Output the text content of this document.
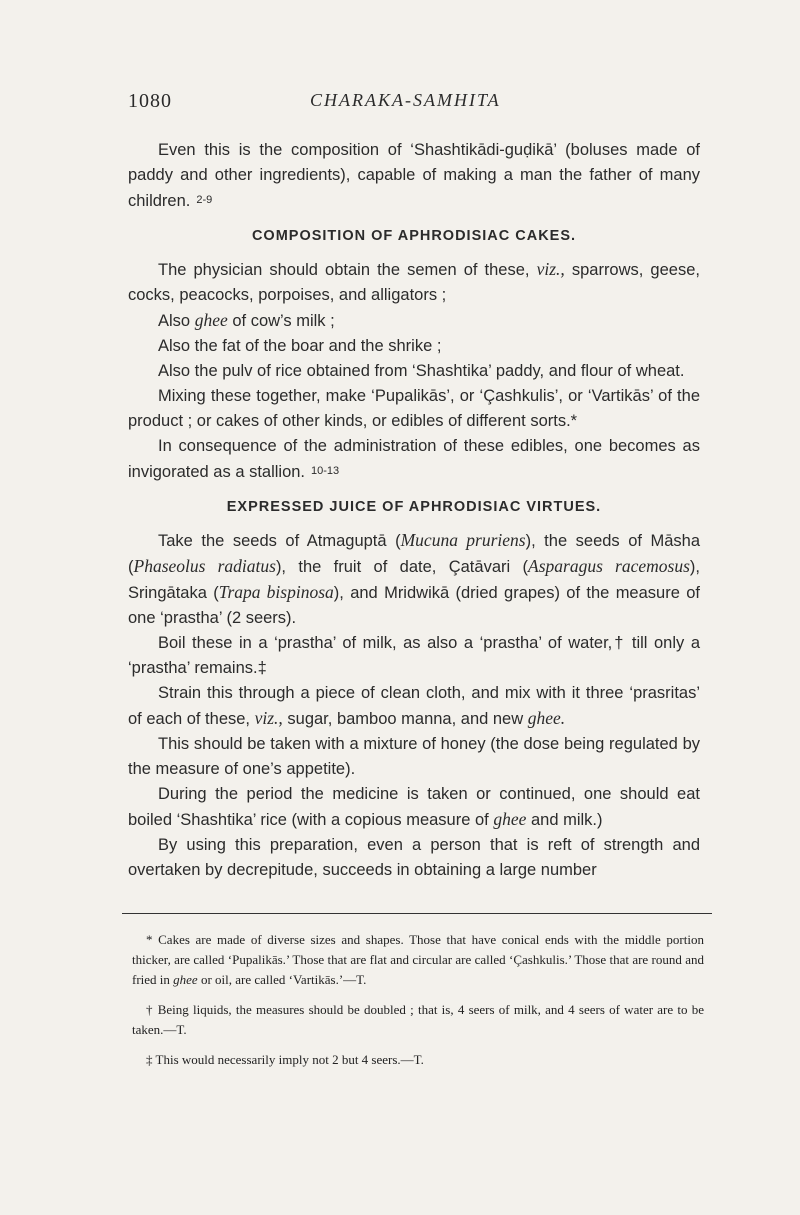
1080	CHARAKA-SAMHITA

Even this is the composition of ‘Shashtikādi-guḍikā’ (boluses made of paddy and other ingredients), capable of making a man the father of many children. $^{2-9}$

COMPOSITION OF APHRODISIAC CAKES.

The physician should obtain the semen of these, viz., sparrows, geese, cocks, peacocks, porpoises, and alligators ;

Also ghee of cow’s milk ;

Also the fat of the boar and the shrike ;

Also the pulv of rice obtained from ‘Shashtika’ paddy, and flour of wheat.

Mixing these together, make ‘Pupalikās’, or ‘Çashkulis’, or ‘Vartikās’ of the product ; or cakes of other kinds, or edibles of different sorts.*

In consequence of the administration of these edibles, one becomes as invigorated as a stallion. $^{10-13}$

EXPRESSED JUICE OF APHRODISIAC VIRTUES.

Take the seeds of Atmaguptā (Mucuna pruriens), the seeds of Māsha (Phaseolus radiatus), the fruit of date, Çatāvari (Asparagus racemosus), Sringātaka (Trapa bispinosa), and Mridwikā (dried grapes) of the measure of one ‘prastha’ (2 seers).

Boil these in a ‘prastha’ of milk, as also a ‘prastha’ of water,† till only a ‘prastha’ remains.‡

Strain this through a piece of clean cloth, and mix with it three ‘prasritas’ of each of these, viz., sugar, bamboo manna, and new ghee.

This should be taken with a mixture of honey (the dose being regulated by the measure of one’s appetite).

During the period the medicine is taken or continued, one should eat boiled ‘Shashtika’ rice (with a copious measure of ghee and milk.)

By using this preparation, even a person that is reft of strength and overtaken by decrepitude, succeeds in obtaining a large number

* Cakes are made of diverse sizes and shapes. Those that have conical ends with the middle portion thicker, are called ‘Pupalikās.’ Those that are flat and circular are called ‘Çashkulis.’ Those that are round and fried in ghee or oil, are called ‘Vartikās.’—T.

† Being liquids, the measures should be doubled ; that is, 4 seers of milk, and 4 seers of water are to be taken.—T.

‡ This would necessarily imply not 2 but 4 seers.—T.
